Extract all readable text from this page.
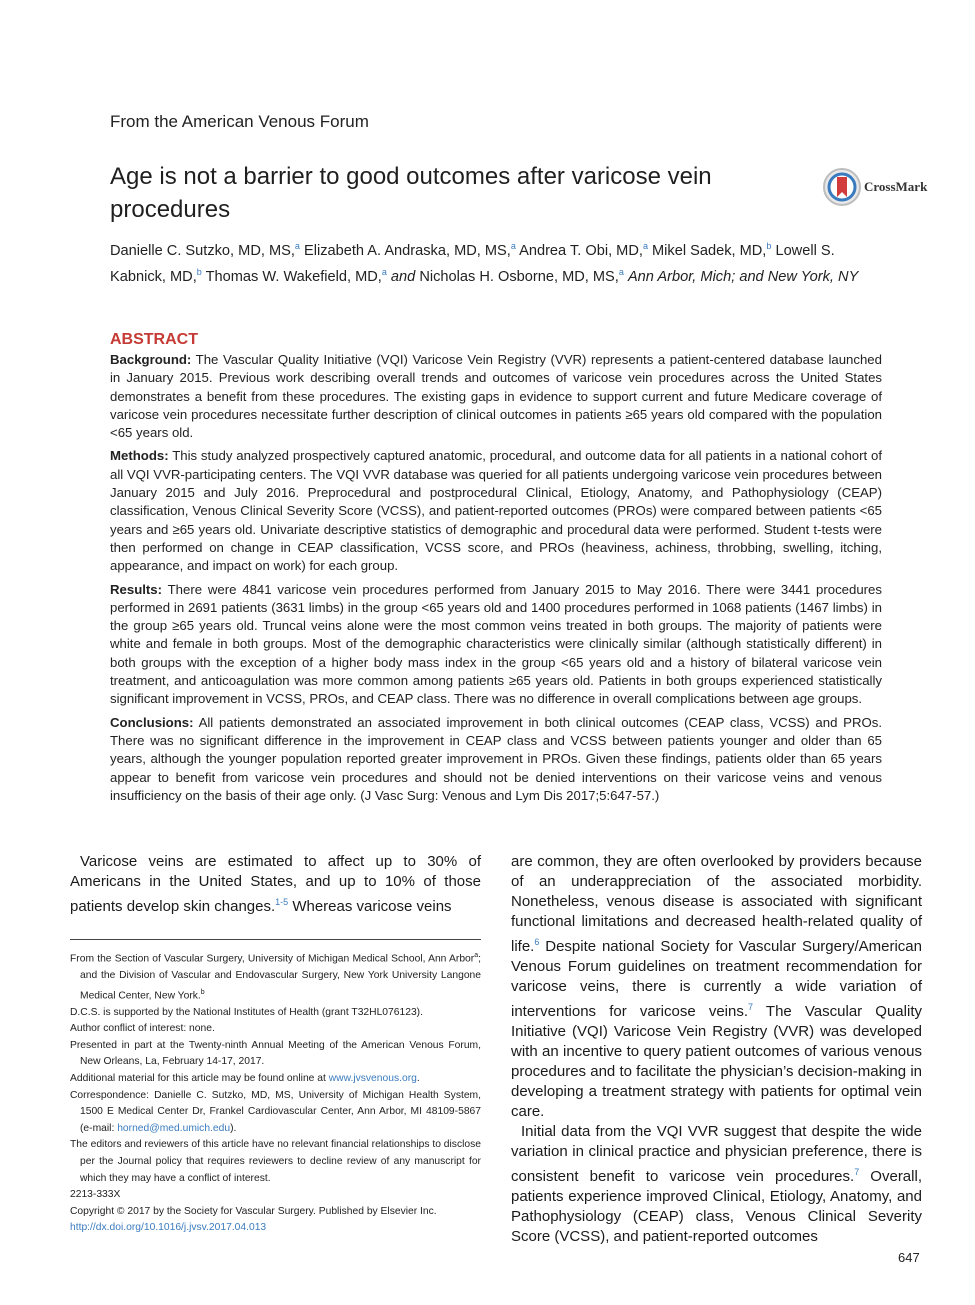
From the American Venous Forum
Age is not a barrier to good outcomes after varicose vein procedures
CrossMark
Danielle C. Sutzko, MD, MS,$^a$ Elizabeth A. Andraska, MD, MS,$^a$ Andrea T. Obi, MD,$^a$ Mikel Sadek, MD,$^b$ Lowell S. Kabnick, MD,$^b$ Thomas W. Wakefield, MD,$^a$ and Nicholas H. Osborne, MD, MS,$^a$ Ann Arbor, Mich; and New York, NY
ABSTRACT

Background: The Vascular Quality Initiative (VQI) Varicose Vein Registry (VVR) represents a patient-centered database launched in January 2015. Previous work describing overall trends and outcomes of varicose vein procedures across the United States demonstrates a benefit from these procedures. The existing gaps in evidence to support current and future Medicare coverage of varicose vein procedures necessitate further description of clinical outcomes in patients ≥65 years old compared with the population <65 years old.

Methods: This study analyzed prospectively captured anatomic, procedural, and outcome data for all patients in a national cohort of all VQI VVR-participating centers. The VQI VVR database was queried for all patients undergoing varicose vein procedures between January 2015 and July 2016. Preprocedural and postprocedural Clinical, Etiology, Anatomy, and Pathophysiology (CEAP) classification, Venous Clinical Severity Score (VCSS), and patient-reported outcomes (PROs) were compared between patients <65 years and ≥65 years old. Univariate descriptive statistics of demographic and procedural data were performed. Student t-tests were then performed on change in CEAP classification, VCSS score, and PROs (heaviness, achiness, throbbing, swelling, itching, appearance, and impact on work) for each group.

Results: There were 4841 varicose vein procedures performed from January 2015 to May 2016. There were 3441 procedures performed in 2691 patients (3631 limbs) in the group <65 years old and 1400 procedures performed in 1068 patients (1467 limbs) in the group ≥65 years old. Truncal veins alone were the most common veins treated in both groups. The majority of patients were white and female in both groups. Most of the demographic characteristics were clinically similar (although statistically different) in both groups with the exception of a higher body mass index in the group <65 years old and a history of bilateral varicose vein treatment, and anticoagulation was more common among patients ≥65 years old. Patients in both groups experienced statistically significant improvement in VCSS, PROs, and CEAP class. There was no difference in overall complications between age groups.

Conclusions: All patients demonstrated an associated improvement in both clinical outcomes (CEAP class, VCSS) and PROs. There was no significant difference in the improvement in CEAP class and VCSS between patients younger and older than 65 years, although the younger population reported greater improvement in PROs. Given these findings, patients older than 65 years appear to benefit from varicose vein procedures and should not be denied interventions on their varicose veins and venous insufficiency on the basis of their age only. (J Vasc Surg: Venous and Lym Dis 2017;5:647-57.)

Varicose veins are estimated to affect up to 30% of Americans in the United States, and up to 10% of those patients develop skin changes.$^{1-5}$ Whereas varicose veins

From the Section of Vascular Surgery, University of Michigan Medical School, Ann Arbor$^a$; and the Division of Vascular and Endovascular Surgery, New York University Langone Medical Center, New York.$^b$

D.C.S. is supported by the National Institutes of Health (grant T32HL076123).

Author conflict of interest: none.

Presented in part at the Twenty-ninth Annual Meeting of the American Venous Forum, New Orleans, La, February 14-17, 2017.

Additional material for this article may be found online at www.jvsvenous.org.

Correspondence: Danielle C. Sutzko, MD, MS, University of Michigan Health System, 1500 E Medical Center Dr, Frankel Cardiovascular Center, Ann Arbor, MI 48109-5867 (e-mail: horned@med.umich.edu).

The editors and reviewers of this article have no relevant financial relationships to disclose per the Journal policy that requires reviewers to decline review of any manuscript for which they may have a conflict of interest.

2213-333X

Copyright © 2017 by the Society for Vascular Surgery. Published by Elsevier Inc.

http://dx.doi.org/10.1016/j.jvsv.2017.04.013

are common, they are often overlooked by providers because of an underappreciation of the associated morbidity. Nonetheless, venous disease is associated with significant functional limitations and decreased health-related quality of life.$^6$ Despite national Society for Vascular Surgery/American Venous Forum guidelines on treatment recommendation for varicose veins, there is currently a wide variation of interventions for varicose veins.$^7$ The Vascular Quality Initiative (VQI) Varicose Vein Registry (VVR) was developed with an incentive to query patient outcomes of various venous procedures and to facilitate the physician’s decision-making in developing a treatment strategy with patients for optimal vein care.

Initial data from the VQI VVR suggest that despite the wide variation in clinical practice and physician preference, there is consistent benefit to varicose vein procedures.$^7$ Overall, patients experience improved Clinical, Etiology, Anatomy, and Pathophysiology (CEAP) class, Venous Clinical Severity Score (VCSS), and patient-reported outcomes

647
